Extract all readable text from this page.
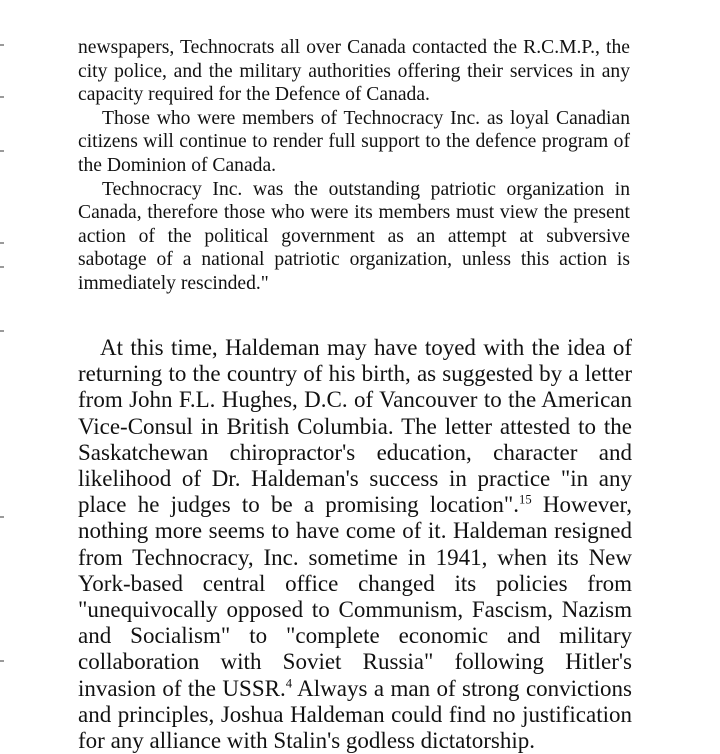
newspapers, Technocrats all over Canada contacted the R.C.M.P., the city police, and the military authorities offering their services in any capacity required for the Defence of Canada.

Those who were members of Technocracy Inc. as loyal Canadian citizens will continue to render full support to the defence program of the Dominion of Canada.

Technocracy Inc. was the outstanding patriotic organization in Canada, therefore those who were its members must view the present action of the political government as an attempt at subversive sabotage of a national patriotic organization, unless this action is immediately rescinded."

At this time, Haldeman may have toyed with the idea of returning to the country of his birth, as suggested by a letter from John F.L. Hughes, D.C. of Vancouver to the American Vice-Consul in British Columbia. The letter attested to the Saskatchewan chiropractor's education, character and likelihood of Dr. Haldeman's success in practice "in any place he judges to be a promising location".$^{15}$ However, nothing more seems to have come of it. Haldeman resigned from Technocracy, Inc. sometime in 1941, when its New York-based central office changed its policies from "unequivocally opposed to Communism, Fascism, Nazism and Socialism" to "complete economic and military collaboration with Soviet Russia" following Hitler's invasion of the USSR.$^4$ Always a man of strong convictions and principles, Joshua Haldeman could find no justification for any alliance with Stalin's godless dictatorship.
